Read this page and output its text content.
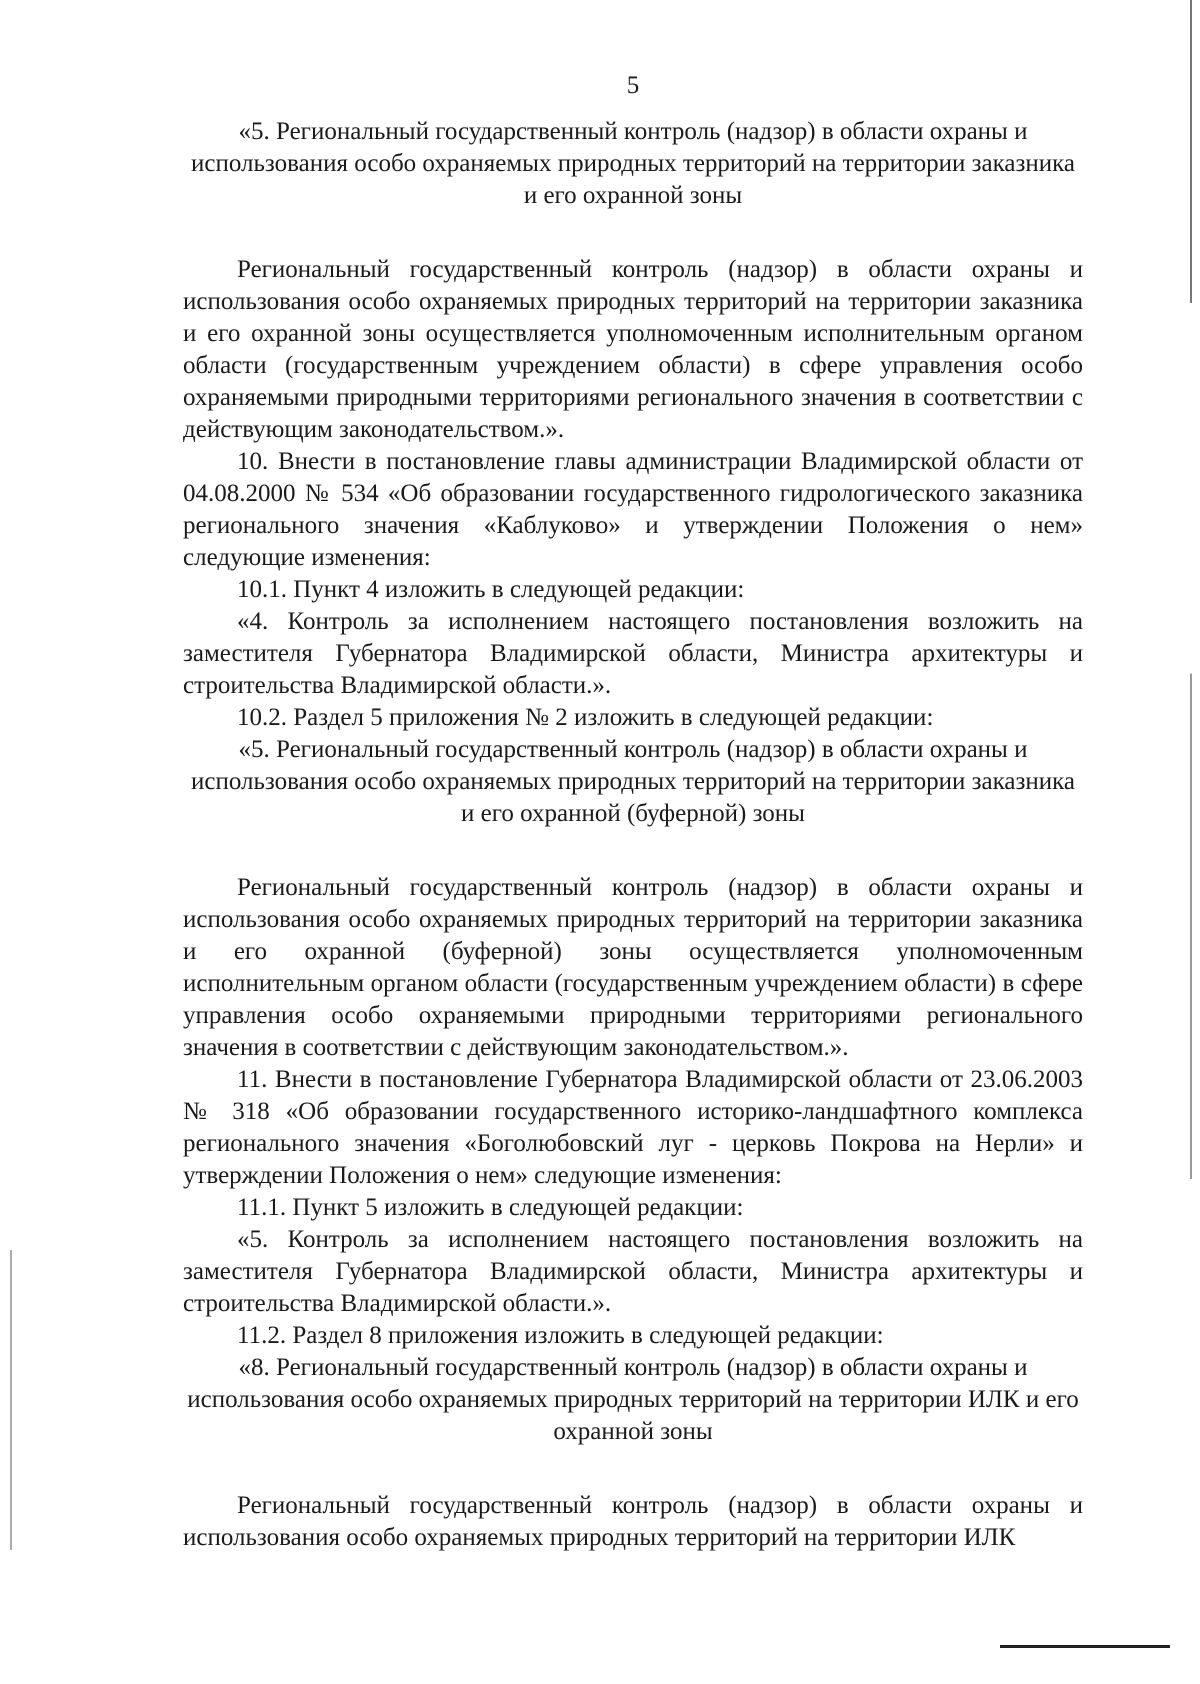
5

«5. Региональный государственный контроль (надзор) в области охраны и использования особо охраняемых природных территорий на территории заказника и его охранной зоны

Региональный государственный контроль (надзор) в области охраны и использования особо охраняемых природных территорий на территории заказника и его охранной зоны осуществляется уполномоченным исполнительным органом области (государственным учреждением области) в сфере управления особо охраняемыми природными территориями регионального значения в соответствии с действующим законодательством.».

10. Внести в постановление главы администрации Владимирской области от 04.08.2000 № 534 «Об образовании государственного гидрологического заказника регионального значения «Каблуково» и утверждении Положения о нем» следующие изменения:

10.1. Пункт 4 изложить в следующей редакции:

«4. Контроль за исполнением настоящего постановления возложить на заместителя Губернатора Владимирской области, Министра архитектуры и строительства Владимирской области.».

10.2. Раздел 5 приложения № 2 изложить в следующей редакции:

«5. Региональный государственный контроль (надзор) в области охраны и использования особо охраняемых природных территорий на территории заказника и его охранной (буферной) зоны

Региональный государственный контроль (надзор) в области охраны и использования особо охраняемых природных территорий на территории заказника и его охранной (буферной) зоны осуществляется уполномоченным исполнительным органом области (государственным учреждением области) в сфере управления особо охраняемыми природными территориями регионального значения в соответствии с действующим законодательством.».

11. Внести в постановление Губернатора Владимирской области от 23.06.2003 № 318 «Об образовании государственного историко-ландшафтного комплекса регионального значения «Боголюбовский луг - церковь Покрова на Нерли» и утверждении Положения о нем» следующие изменения:

11.1. Пункт 5 изложить в следующей редакции:

«5. Контроль за исполнением настоящего постановления возложить на заместителя Губернатора Владимирской области, Министра архитектуры и строительства Владимирской области.».

11.2. Раздел 8 приложения изложить в следующей редакции:

«8. Региональный государственный контроль (надзор) в области охраны и использования особо охраняемых природных территорий на территории ИЛК и его охранной зоны

Региональный государственный контроль (надзор) в области охраны и использования особо охраняемых природных территорий на территории ИЛК
